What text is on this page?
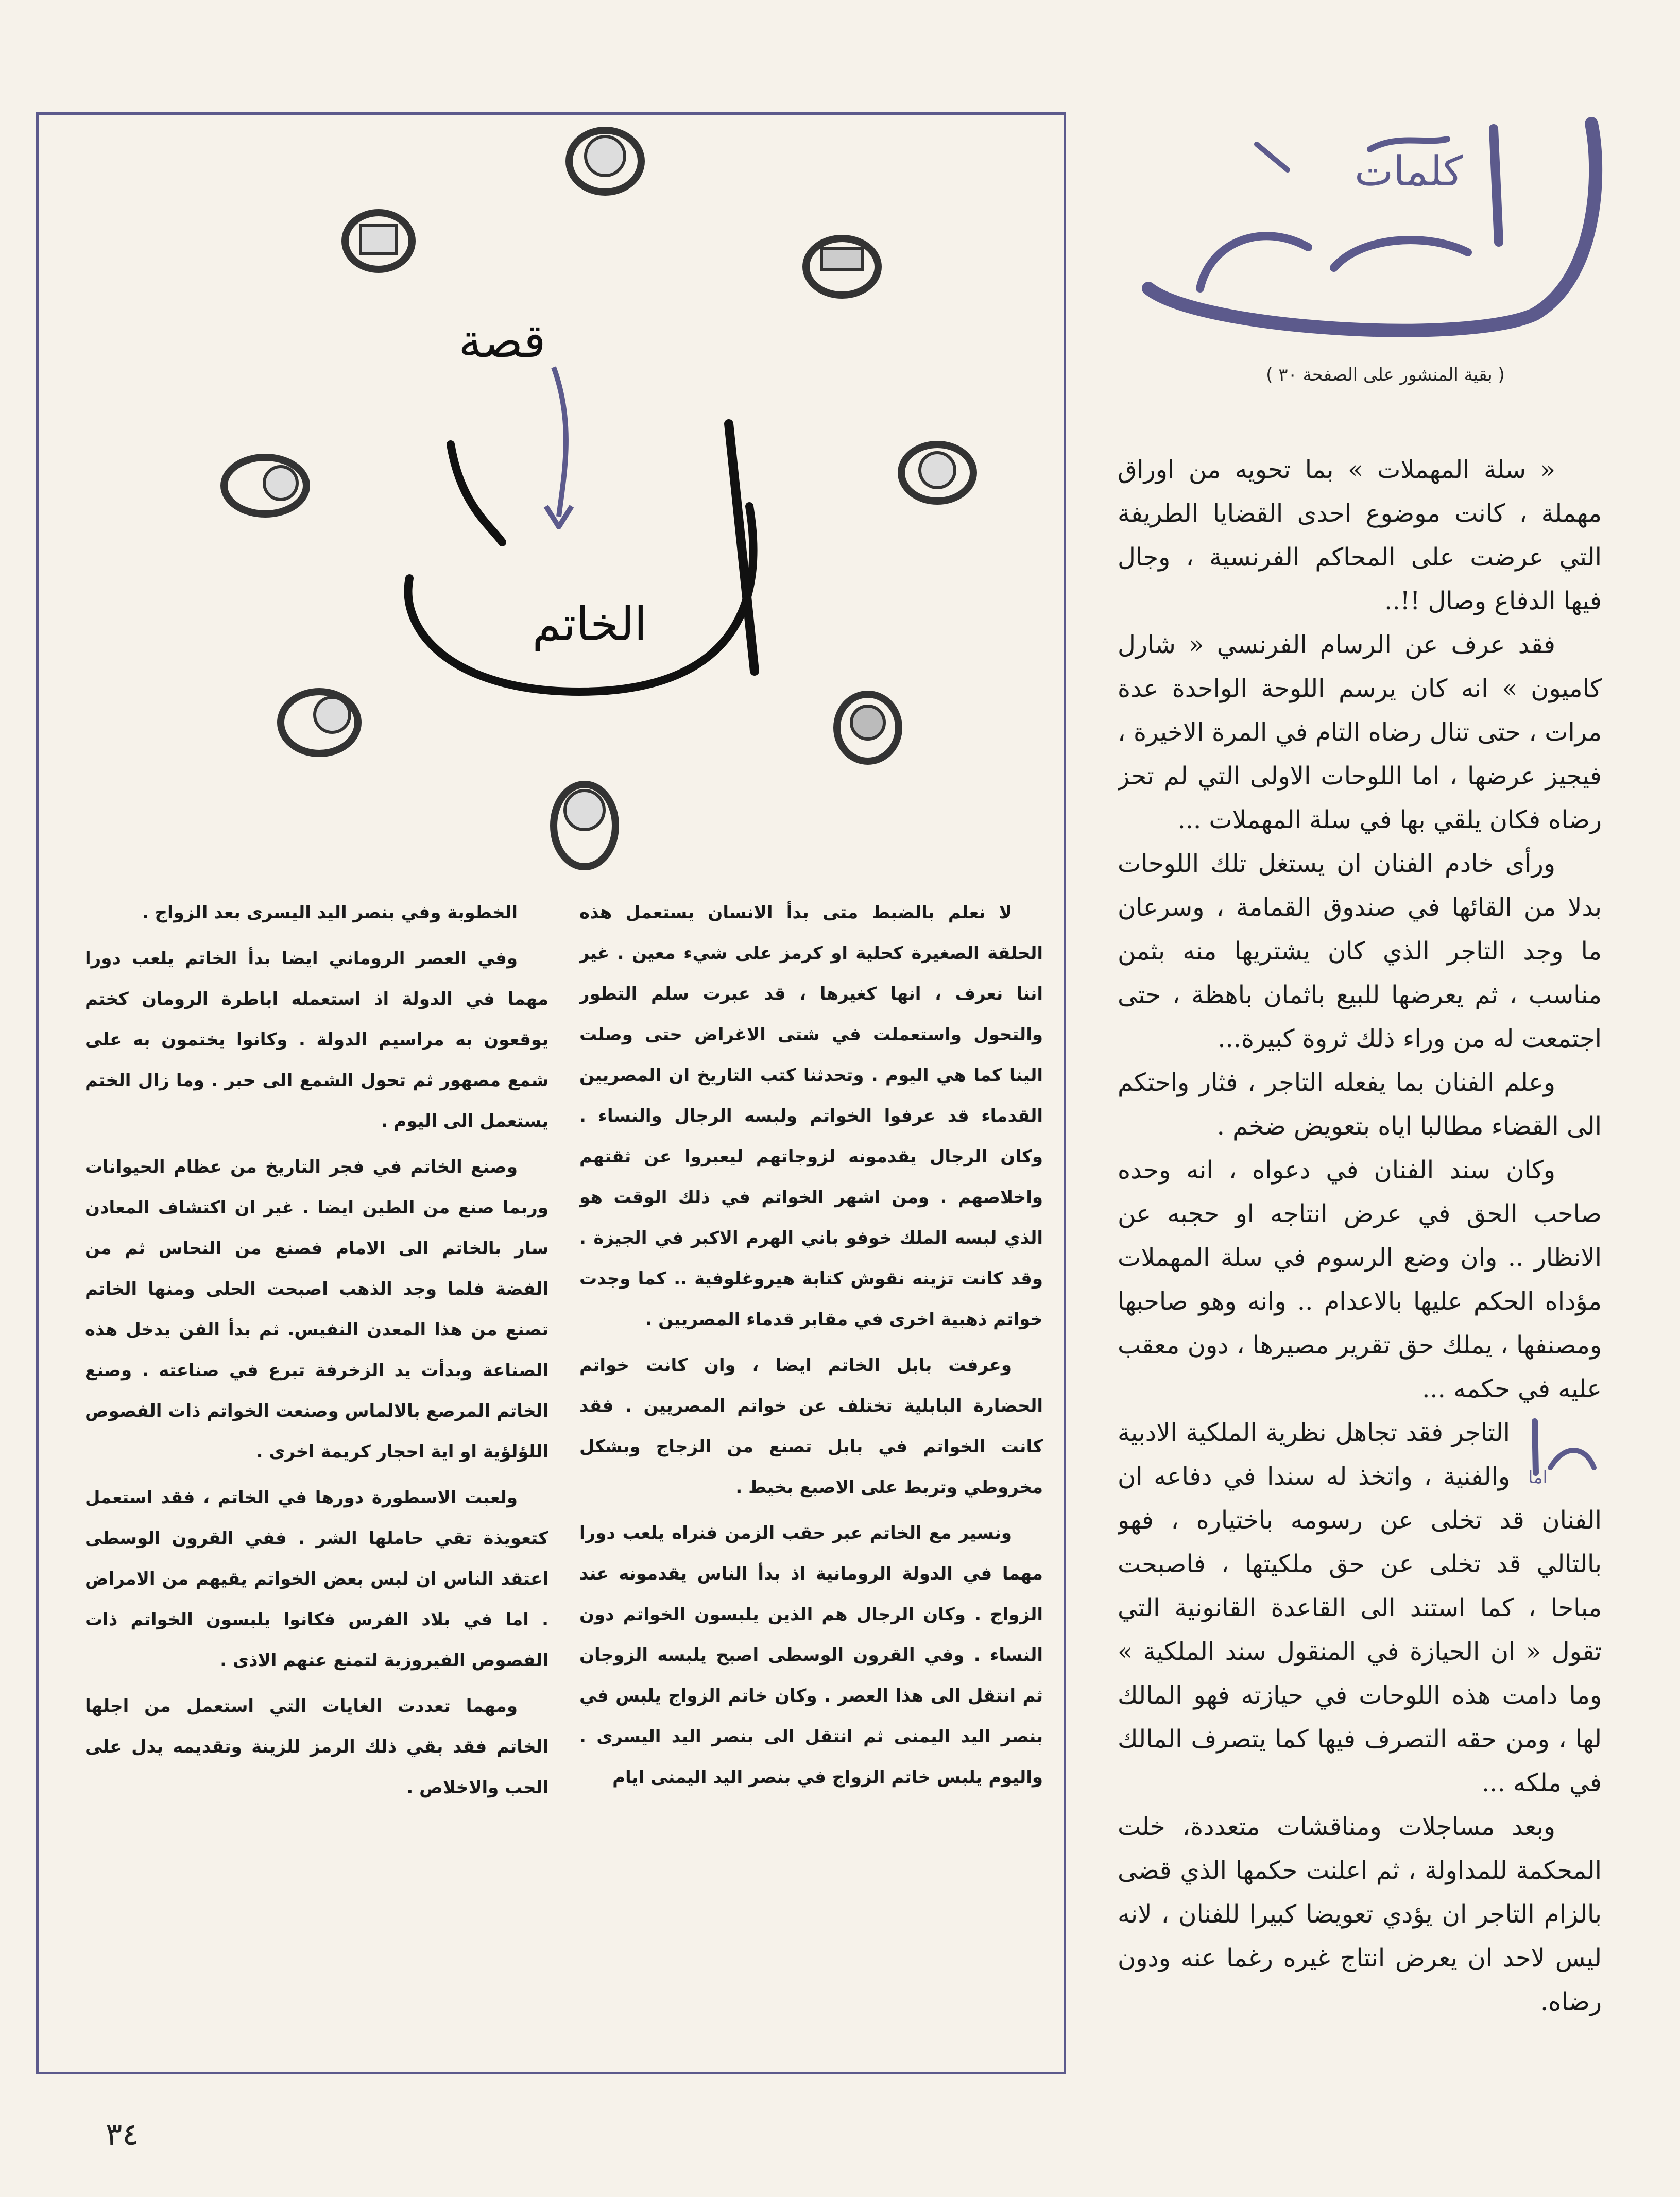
كلمات
( بقية المنشور على الصفحة ٣٠ )

« سلة المهملات » بما تحويه من اوراق مهملة ، كانت موضوع احدى القضايا الطريفة التي عرضت على المحاكم الفرنسية ، وجال فيها الدفاع وصال !!..

فقد عرف عن الرسام الفرنسي « شارل كاميون » انه كان يرسم اللوحة الواحدة عدة مرات ، حتى تنال رضاه التام في المرة الاخيرة ، فيجيز عرضها ، اما اللوحات الاولى التي لم تحز رضاه فكان يلقي بها في سلة المهملات ...

ورأى خادم الفنان ان يستغل تلك اللوحات بدلا من القائها في صندوق القمامة ، وسرعان ما وجد التاجر الذي كان يشتريها منه بثمن مناسب ، ثم يعرضها للبيع باثمان باهظة ، حتى اجتمعت له من وراء ذلك ثروة كبيرة...

وعلم الفنان بما يفعله التاجر ، فثار واحتكم الى القضاء مطالبا اياه بتعويض ضخم .

وكان سند الفنان في دعواه ، انه وحده صاحب الحق في عرض انتاجه او حجبه عن الانظار .. وان وضع الرسوم في سلة المهملات مؤداه الحكم عليها بالاعدام .. وانه وهو صاحبها ومصنفها ، يملك حق تقرير مصيرها ، دون معقب عليه في حكمه ...

اما
التاجر فقد تجاهل نظرية الملكية الادبية والفنية ، واتخذ له سندا في دفاعه ان الفنان قد تخلى عن رسومه باختياره ، فهو بالتالي قد تخلى عن حق ملكيتها ، فاصبحت مباحا ، كما استند الى القاعدة القانونية التي تقول « ان الحيازة في المنقول سند الملكية » وما دامت هذه اللوحات في حيازته فهو المالك لها ، ومن حقه التصرف فيها كما يتصرف المالك في ملكه ...

وبعد مساجلات ومناقشات متعددة، خلت المحكمة للمداولة ، ثم اعلنت حكمها الذي قضى بالزام التاجر ان يؤدي تعويضا كبيرا للفنان ، لانه ليس لاحد ان يعرض انتاج غيره رغما عنه ودون رضاه.

قصة
الخاتم

لا نعلم بالضبط متى بدأ الانسان يستعمل هذه الحلقة الصغيرة كحلية او كرمز على شيء معين . غير اننا نعرف ، انها كغيرها ، قد عبرت سلم التطور والتحول واستعملت في شتى الاغراض حتى وصلت الينا كما هي اليوم . وتحدثنا كتب التاريخ ان المصريين القدماء قد عرفوا الخواتم ولبسه الرجال والنساء . وكان الرجال يقدمونه لزوجاتهم ليعبروا عن ثقتهم واخلاصهم . ومن اشهر الخواتم في ذلك الوقت هو الذي لبسه الملك خوفو باني الهرم الاكبر في الجيزة . وقد كانت تزينه نقوش كتابة هيروغلوفية .. كما وجدت خواتم ذهبية اخرى في مقابر قدماء المصريين .

وعرفت بابل الخاتم ايضا ، وان كانت خواتم الحضارة البابلية تختلف عن خواتم المصريين . فقد كانت الخواتم في بابل تصنع من الزجاج وبشكل مخروطي وتربط على الاصبع بخيط .

ونسير مع الخاتم عبر حقب الزمن فنراه يلعب دورا مهما في الدولة الرومانية اذ بدأ الناس يقدمونه عند الزواج . وكان الرجال هم الذين يلبسون الخواتم دون النساء . وفي القرون الوسطى اصبح يلبسه الزوجان ثم انتقل الى هذا العصر . وكان خاتم الزواج يلبس في بنصر اليد اليمنى ثم انتقل الى بنصر اليد اليسرى . واليوم يلبس خاتم الزواج في بنصر اليد اليمنى ايام

الخطوبة وفي بنصر اليد اليسرى بعد الزواج .

وفي العصر الروماني ايضا بدأ الخاتم يلعب دورا مهما في الدولة اذ استعمله اباطرة الرومان كختم يوقعون به مراسيم الدولة . وكانوا يختمون به على شمع مصهور ثم تحول الشمع الى حبر . وما زال الختم يستعمل الى اليوم .

وصنع الخاتم في فجر التاريخ من عظام الحيوانات وربما صنع من الطين ايضا . غير ان اكتشاف المعادن سار بالخاتم الى الامام فصنع من النحاس ثم من الفضة فلما وجد الذهب اصبحت الحلى ومنها الخاتم تصنع من هذا المعدن النفيس. ثم بدأ الفن يدخل هذه الصناعة وبدأت يد الزخرفة تبرع في صناعته . وصنع الخاتم المرصع بالالماس وصنعت الخواتم ذات الفصوص اللؤلؤية او اية احجار كريمة اخرى .

ولعبت الاسطورة دورها في الخاتم ، فقد استعمل كتعويذة تقي حاملها الشر . ففي القرون الوسطى اعتقد الناس ان لبس بعض الخواتم يقيهم من الامراض . اما في بلاد الفرس فكانوا يلبسون الخواتم ذات الفصوص الفيروزية لتمنع عنهم الاذى .

ومهما تعددت الغايات التي استعمل من اجلها الخاتم فقد بقي ذلك الرمز للزينة وتقديمه يدل على الحب والاخلاص .

٣٤
